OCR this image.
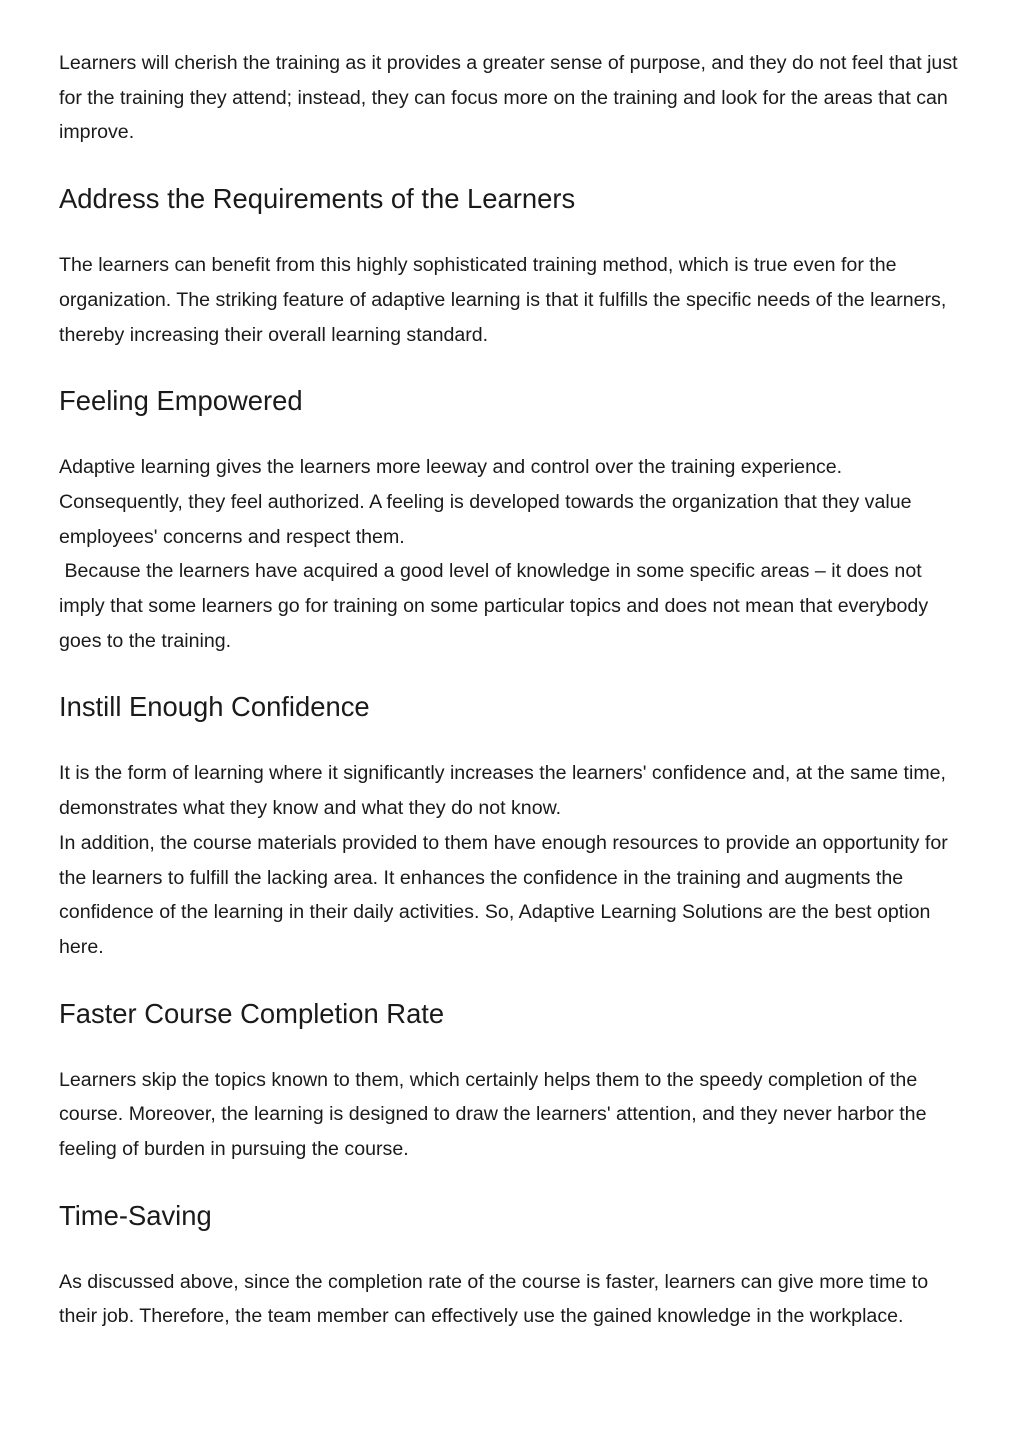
Learners will cherish the training as it provides a greater sense of purpose, and they do not feel that just for the training they attend; instead, they can focus more on the training and look for the areas that can improve.

Address the Requirements of the Learners

The learners can benefit from this highly sophisticated training method, which is true even for the organization. The striking feature of adaptive learning is that it fulfills the specific needs of the learners, thereby increasing their overall learning standard.

Feeling Empowered

Adaptive learning gives the learners more leeway and control over the training experience. Consequently, they feel authorized. A feeling is developed towards the organization that they value employees' concerns and respect them.

Because the learners have acquired a good level of knowledge in some specific areas – it does not imply that some learners go for training on some particular topics and does not mean that everybody goes to the training.

Instill Enough Confidence

It is the form of learning where it significantly increases the learners' confidence and, at the same time, demonstrates what they know and what they do not know.

In addition, the course materials provided to them have enough resources to provide an opportunity for the learners to fulfill the lacking area. It enhances the confidence in the training and augments the confidence of the learning in their daily activities. So, Adaptive Learning Solutions are the best option here.

Faster Course Completion Rate

Learners skip the topics known to them, which certainly helps them to the speedy completion of the course. Moreover, the learning is designed to draw the learners' attention, and they never harbor the feeling of burden in pursuing the course.

Time-Saving

As discussed above, since the completion rate of the course is faster, learners can give more time to their job. Therefore, the team member can effectively use the gained knowledge in the workplace.
